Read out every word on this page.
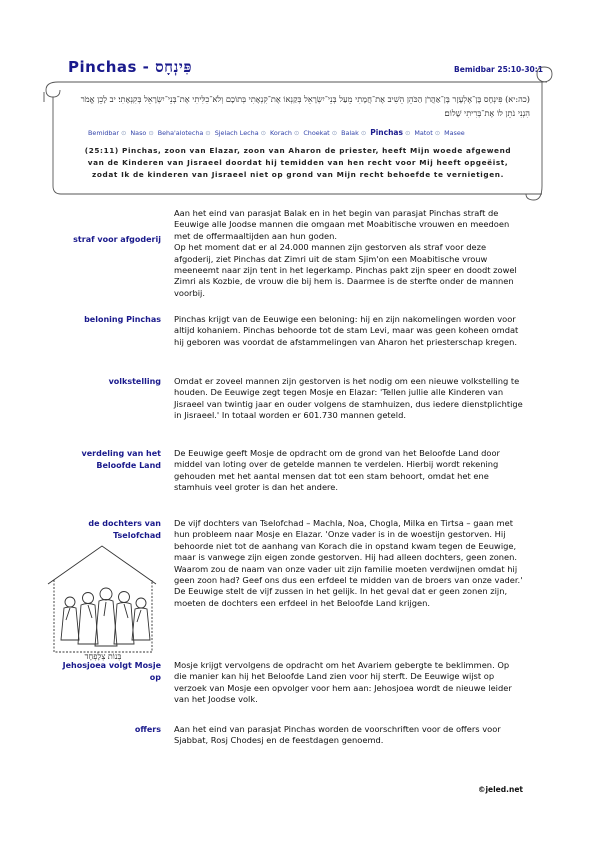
Pinchas - פִּינְחָס	Bemidbar 25:10-30:1
(כה:יא) פִּינְחָס בֶּן־אֶלְעָזָר בֶּן־אַהֲרֹן הַכֹּהֵן הֵשִׁיב אֶת־חֲמָתִי מֵעַל בְּנֵי־יִשְׂרָאֵל בְּקַנְאוֹ אֶת־קִנְאָתִי בְּתוֹכָם וְלֹא־כִלִּיתִי אֶת־בְּנֵי־יִשְׂרָאֵל בְּקִנְאָתִי׃ יב לָכֵן אֱמֹר הִנְנִי נֹתֵן לוֹ אֶת־בְּרִיתִי שָׁלוֹם׃
Bemidbar ⊙ Naso ⊙ Beha'alotecha ⊙ Sjelach Lecha ⊙ Korach ⊙ Choekat ⊙ Balak ⊙ Pinchas ⊙ Matot ⊙ Masee
(25:11) Pinchas, zoon van Elazar, zoon van Aharon de priester, heeft Mijn woede afgewend
van de Kinderen van Jisraeel doordat hij temidden van hen recht voor Mij heeft opgeëist,
zodat Ik de kinderen van Jisraeel niet op grond van Mijn recht behoefde te vernietigen.
straf voor afgoderij

Aan het eind van parasjat Balak en in het begin van parasjat Pinchas straft de Eeuwige alle Joodse mannen die omgaan met Moabitische vrouwen en meedoen met de offermaaltijden aan hun goden.

Op het moment dat er al 24.000 mannen zijn gestorven als straf voor deze afgoderij, ziet Pinchas dat Zimri uit de stam Sjim'on een Moabitische vrouw meeneemt naar zijn tent in het legerkamp. Pinchas pakt zijn speer en doodt zowel Zimri als Kozbie, de vrouw die bij hem is. Daarmee is de sterfte onder de mannen voorbij.

beloning Pinchas Pinchas krijgt van de Eeuwige een beloning: hij en zijn nakomelingen worden voor altijd kohaniem. Pinchas behoorde tot de stam Levi, maar was geen koheen omdat hij geboren was voordat de afstammelingen van Aharon het priesterschap kregen.

volkstelling Omdat er zoveel mannen zijn gestorven is het nodig om een nieuwe volkstelling te houden. De Eeuwige zegt tegen Mosje en Elazar: 'Tellen jullie alle Kinderen van Jisraeel van twintig jaar en ouder volgens de stamhuizen, dus iedere dienstplichtige in Jisraeel.' In totaal worden er 601.730 mannen geteld.

verdeling van het Beloofde Land

De Eeuwige geeft Mosje de opdracht om de grond van het Beloofde Land door middel van loting over de getelde mannen te verdelen. Hierbij wordt rekening gehouden met het aantal mensen dat tot een stam behoort, omdat het ene stamhuis veel groter is dan het andere.

de dochters van Tselofchad

De vijf dochters van Tselofchad – Machla, Noa, Chogla, Milka en Tirtsa – gaan met hun probleem naar Mosje en Elazar. 'Onze vader is in de woestijn gestorven. Hij behoorde niet tot de aanhang van Korach die in opstand kwam tegen de Eeuwige, maar is vanwege zijn eigen zonde gestorven. Hij had alleen dochters, geen zonen. Waarom zou de naam van onze vader uit zijn familie moeten verdwijnen omdat hij geen zoon had? Geef ons dus een erfdeel te midden van de broers van onze vader.' De Eeuwige stelt de vijf zussen in het gelijk. In het geval dat er geen zonen zijn, moeten de dochters een erfdeel in het Beloofde Land krijgen.

Jehosjoea volgt Mosje op

Mosje krijgt vervolgens de opdracht om het Avariem gebergte te beklimmen. Op die manier kan hij het Beloofde Land zien voor hij sterft. De Eeuwige wijst op verzoek van Mosje een opvolger voor hem aan: Jehosjoea wordt de nieuwe leider van het Joodse volk.

offers Aan het eind van parasjat Pinchas worden de voorschriften voor de offers voor Sjabbat, Rosj Chodesj en de feestdagen genoemd.

בְּנוֹת צְלָפְחָד
©jeled.net
